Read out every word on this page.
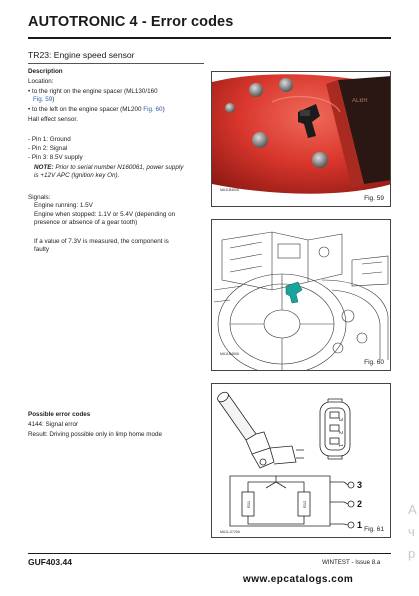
AUTOTRONIC 4 - Error codes
TR23: Engine speed sensor
Description
Location:
• to the right on the engine spacer (ML130/160
Fig. 59)
• to the left on the engine spacer (ML200 Fig. 60)
Hall effect sensor.
- Pin 1: Ground
- Pin 2: Signal
- Pin 3: 8.5V supply
NOTE: Prior to serial number N160061, power supply
is +12V APC (Ignition key On).
Signals:
Engine running: 1.5V
Engine when stopped: 1.1V or 5.4V (depending on
presence or absence of a gear tooth)
If a value of 7.3V is measured, the component is
faulty
Possible error codes
4144: Signal error
Result: Driving possible only in limp home mode
ALBR
MA11B4505
Fig. 59
MA11B4506
Fig. 60
3
2
1
R11	R12
3
2
1
MA11-07206	Fig. 61
GUF403.44	WINTEST - Issue 8.a
www.epcatalogs.com
A
ч
р
